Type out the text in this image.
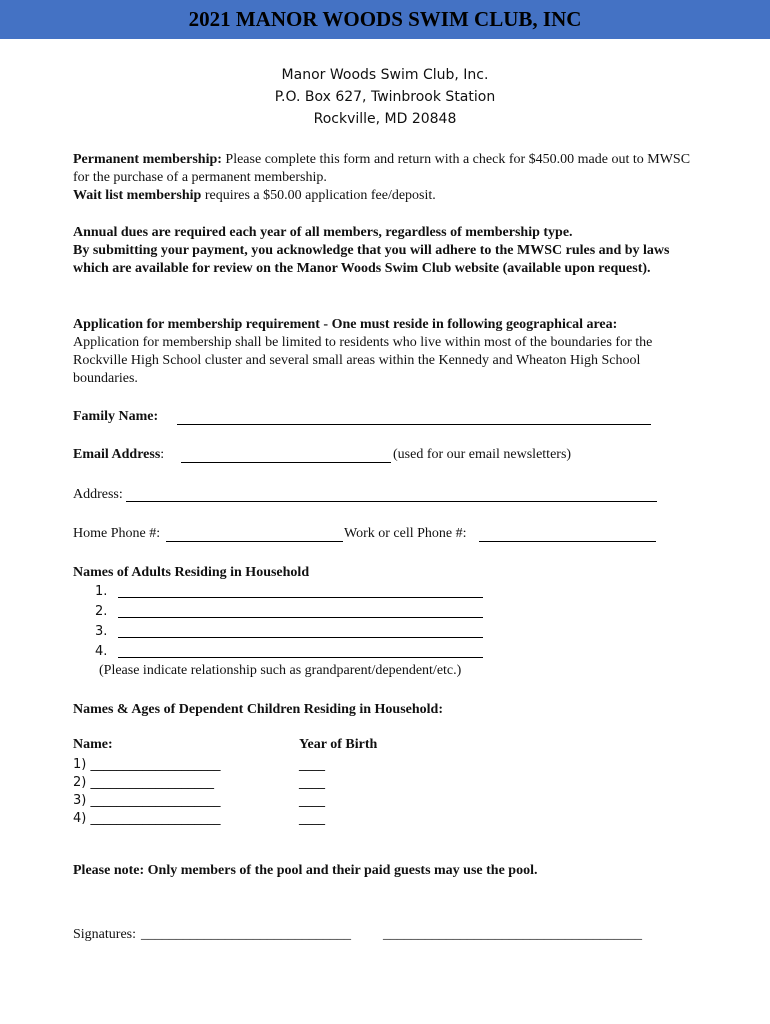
2021 MANOR WOODS SWIM CLUB, INC
Manor Woods Swim Club, Inc.
P.O. Box 627, Twinbrook Station
Rockville, MD 20848
Permanent membership: Please complete this form and return with a check for $450.00 made out to MWSC for the purchase of a permanent membership.
Wait list membership requires a $50.00 application fee/deposit.
Annual dues are required each year of all members, regardless of membership type.
By submitting your payment, you acknowledge that you will adhere to the MWSC rules and by laws which are available for review on the Manor Woods Swim Club website (available upon request).
Application for membership requirement - One must reside in following geographical area:
Application for membership shall be limited to residents who live within most of the boundaries for the Rockville High School cluster and several small areas within the Kennedy and Wheaton High School boundaries.
Family Name:
Email Address:	(used for our email newsletters)
Address:
Home Phone #:	Work or cell Phone #:
Names of Adults Residing in Household
1.
2.
3.
4.
(Please indicate relationship such as grandparent/dependent/etc.)
Names & Ages of Dependent Children Residing in Household:
Name:	Year of Birth
1) ____________________	____
2) ___________________	____
3) ____________________	____
4) ____________________	____
Please note: Only members of the pool and their paid guests may use the pool.
Signatures: ______________________________ _____________________________________
